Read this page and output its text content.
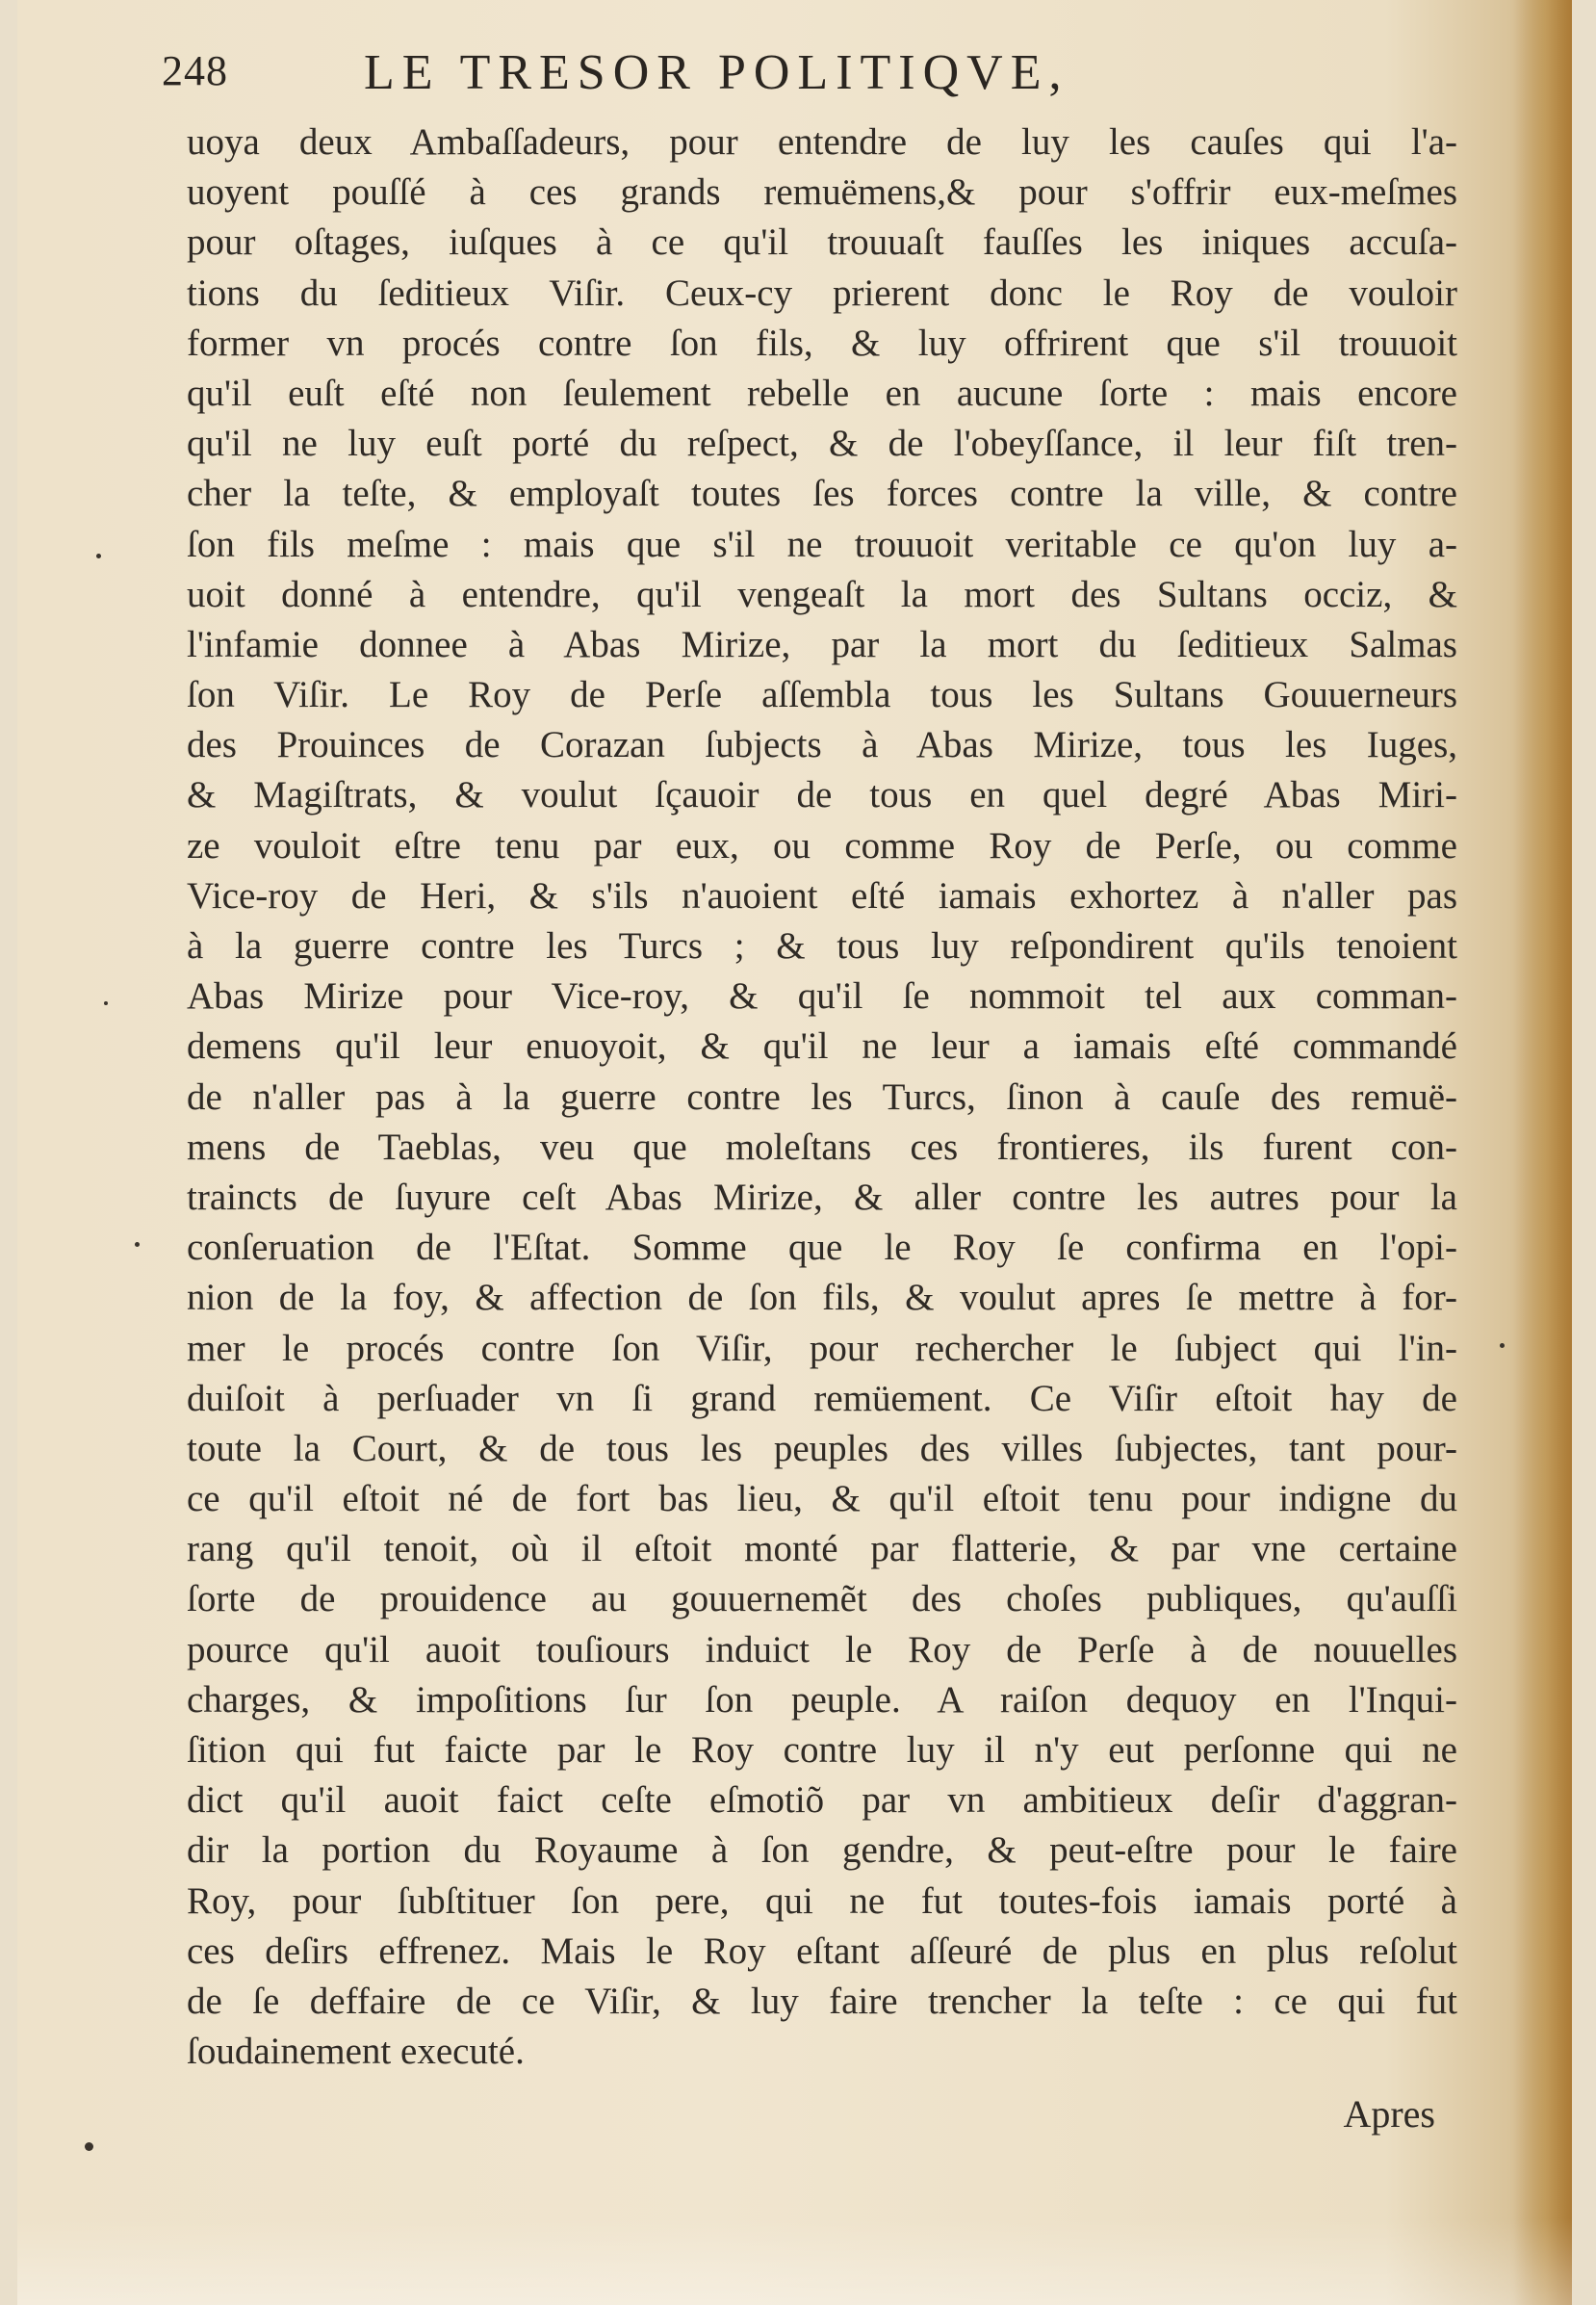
248	LE TRESOR POLITIQVE,
uoya deux Ambaſſadeurs, pour entendre de luy les cauſes qui l'a-
uoyent pouſſé à ces grands remuëmens,& pour s'offrir eux-meſmes
pour oſtages, iuſques à ce qu'il trouuaſt fauſſes les iniques accuſa-
tions du ſeditieux Viſir. Ceux-cy prierent donc le Roy de vouloir
former vn procés contre ſon fils, & luy offrirent que s'il trouuoit
qu'il euſt eſté non ſeulement rebelle en aucune ſorte : mais encore
qu'il ne luy euſt porté du reſpect, & de l'obeyſſance, il leur fiſt tren-
cher la teſte, & employaſt toutes ſes forces contre la ville, & contre
ſon fils meſme : mais que s'il ne trouuoit veritable ce qu'on luy a-
uoit donné à entendre, qu'il vengeaſt la mort des Sultans occiz, &
l'infamie donnee à Abas Mirize, par la mort du ſeditieux Salmas
ſon Viſir. Le Roy de Perſe aſſembla tous les Sultans Gouuerneurs
des Prouinces de Corazan ſubjects à Abas Mirize, tous les Iuges,
& Magiſtrats, & voulut ſçauoir de tous en quel degré Abas Miri-
ze vouloit eſtre tenu par eux, ou comme Roy de Perſe, ou comme
Vice-roy de Heri, & s'ils n'auoient eſté iamais exhortez à n'aller pas
à la guerre contre les Turcs ; & tous luy reſpondirent qu'ils tenoient
Abas Mirize pour Vice-roy, & qu'il ſe nommoit tel aux comman-
demens qu'il leur enuoyoit, & qu'il ne leur a iamais eſté commandé
de n'aller pas à la guerre contre les Turcs, ſinon à cauſe des remuë-
mens de Taeblas, veu que moleſtans ces frontieres, ils furent con-
traincts de ſuyure ceſt Abas Mirize, & aller contre les autres pour la
conſeruation de l'Eſtat. Somme que le Roy ſe confirma en l'opi-
nion de la foy, & affection de ſon fils, & voulut apres ſe mettre à for-
mer le procés contre ſon Viſir, pour rechercher le ſubject qui l'in-
duiſoit à perſuader vn ſi grand remüement. Ce Viſir eſtoit hay de
toute la Court, & de tous les peuples des villes ſubjectes, tant pour-
ce qu'il eſtoit né de fort bas lieu, & qu'il eſtoit tenu pour indigne du
rang qu'il tenoit, où il eſtoit monté par flatterie, & par vne certaine
ſorte de prouidence au gouuernemẽt des choſes publiques, qu'auſſi
pource qu'il auoit touſiours induict le Roy de Perſe à de nouuelles
charges, & impoſitions ſur ſon peuple. A raiſon dequoy en l'Inqui-
ſition qui fut faicte par le Roy contre luy il n'y eut perſonne qui ne
dict qu'il auoit faict ceſte eſmotiõ par vn ambitieux deſir d'aggran-
dir la portion du Royaume à ſon gendre, & peut-eſtre pour le faire
Roy, pour ſubſtituer ſon pere, qui ne fut toutes-fois iamais porté à
ces deſirs effrenez. Mais le Roy eſtant aſſeuré de plus en plus reſolut
de ſe deffaire de ce Viſir, & luy faire trencher la teſte : ce qui fut
ſoudainement executé.
Apres
